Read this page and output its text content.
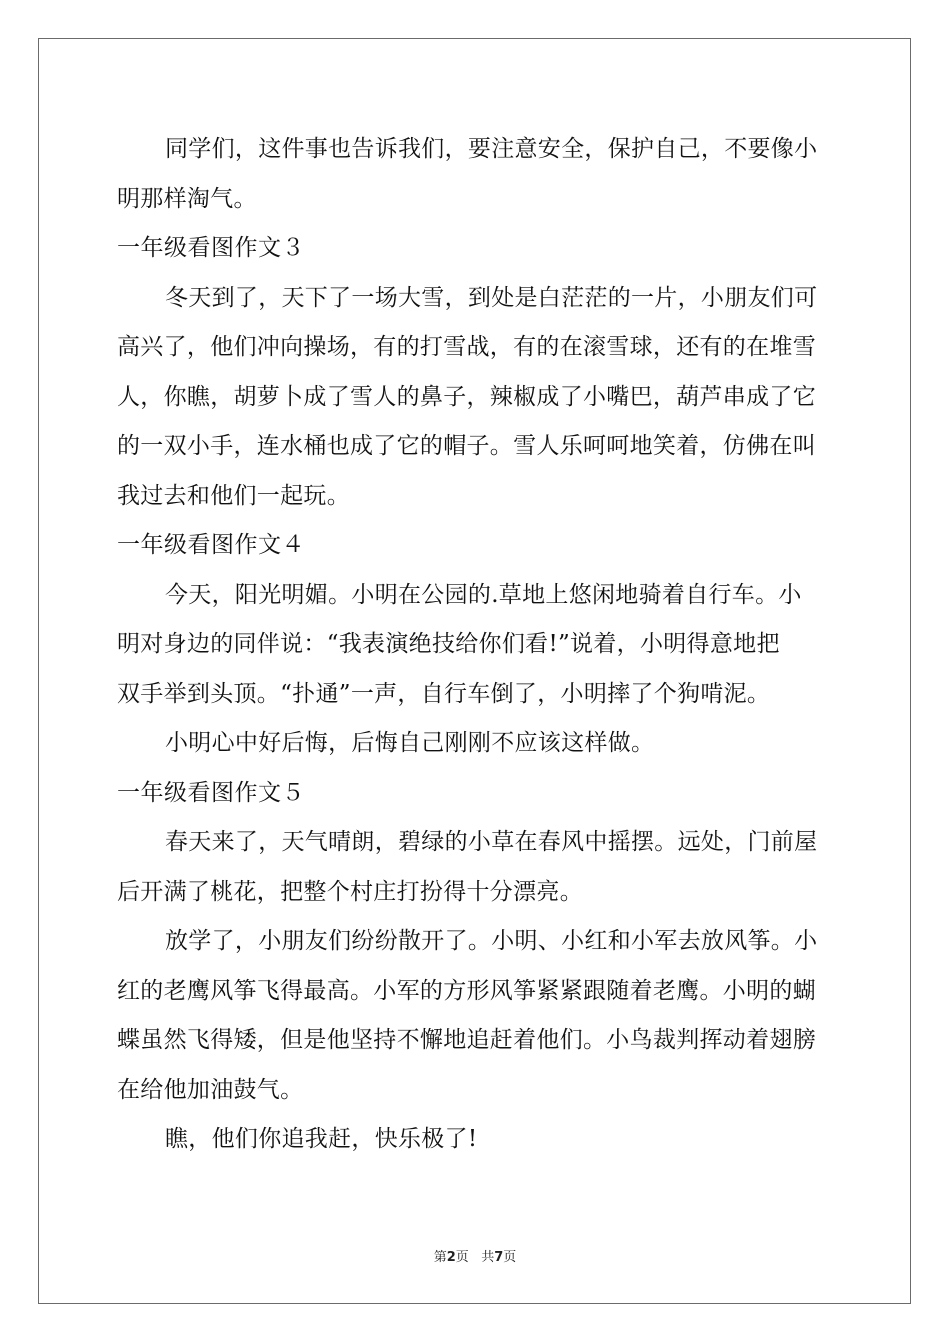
同学们，这件事也告诉我们，要注意安全，保护自己，不要像小
明那样淘气。
一年级看图作文３
冬天到了，天下了一场大雪，到处是白茫茫的一片，小朋友们可
高兴了，他们冲向操场，有的打雪战，有的在滚雪球，还有的在堆雪
人，你瞧，胡萝卜成了雪人的鼻子，辣椒成了小嘴巴，葫芦串成了它
的一双小手，连水桶也成了它的帽子。雪人乐呵呵地笑着，仿佛在叫
我过去和他们一起玩。
一年级看图作文４
今天，阳光明媚。小明在公园的.草地上悠闲地骑着自行车。小
明对身边的同伴说：“我表演绝技给你们看!”说着，小明得意地把
双手举到头顶。“扑通”一声，自行车倒了，小明摔了个狗啃泥。
小明心中好后悔，后悔自己刚刚不应该这样做。
一年级看图作文５
春天来了，天气晴朗，碧绿的小草在春风中摇摆。远处，门前屋
后开满了桃花，把整个村庄打扮得十分漂亮。
放学了，小朋友们纷纷散开了。小明、小红和小军去放风筝。小
红的老鹰风筝飞得最高。小军的方形风筝紧紧跟随着老鹰。小明的蝴
蝶虽然飞得矮，但是他坚持不懈地追赶着他们。小鸟裁判挥动着翅膀
在给他加油鼓气。
瞧，他们你追我赶，快乐极了!
第2页 共7页
